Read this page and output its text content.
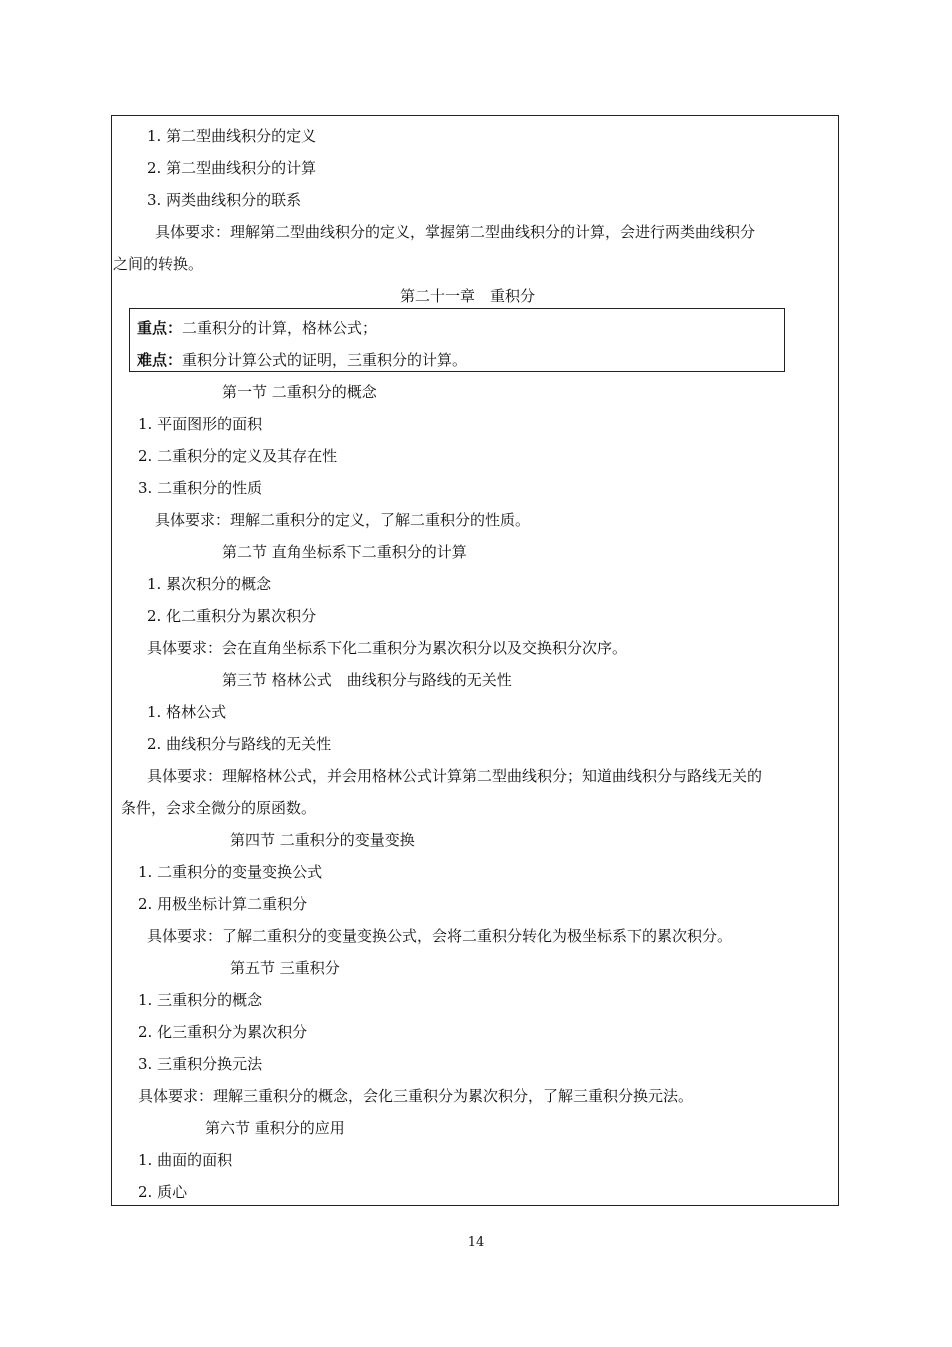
1. 第二型曲线积分的定义
2. 第二型曲线积分的计算
3. 两类曲线积分的联系
具体要求：理解第二型曲线积分的定义，掌握第二型曲线积分的计算，会进行两类曲线积分
之间的转换。
第二十一章　重积分
重点：二重积分的计算，格林公式；
难点：重积分计算公式的证明，三重积分的计算。
第一节 二重积分的概念
1. 平面图形的面积
2. 二重积分的定义及其存在性
3. 二重积分的性质
具体要求：理解二重积分的定义，了解二重积分的性质。
第二节 直角坐标系下二重积分的计算
1. 累次积分的概念
2. 化二重积分为累次积分
具体要求：会在直角坐标系下化二重积分为累次积分以及交换积分次序。
第三节 格林公式　曲线积分与路线的无关性
1. 格林公式
2. 曲线积分与路线的无关性
具体要求：理解格林公式，并会用格林公式计算第二型曲线积分；知道曲线积分与路线无关的
条件，会求全微分的原函数。
第四节 二重积分的变量变换
1. 二重积分的变量变换公式
2. 用极坐标计算二重积分
具体要求：了解二重积分的变量变换公式，会将二重积分转化为极坐标系下的累次积分。
第五节 三重积分
1. 三重积分的概念
2. 化三重积分为累次积分
3. 三重积分换元法
具体要求：理解三重积分的概念，会化三重积分为累次积分，了解三重积分换元法。
第六节 重积分的应用
1. 曲面的面积
2. 质心
14
